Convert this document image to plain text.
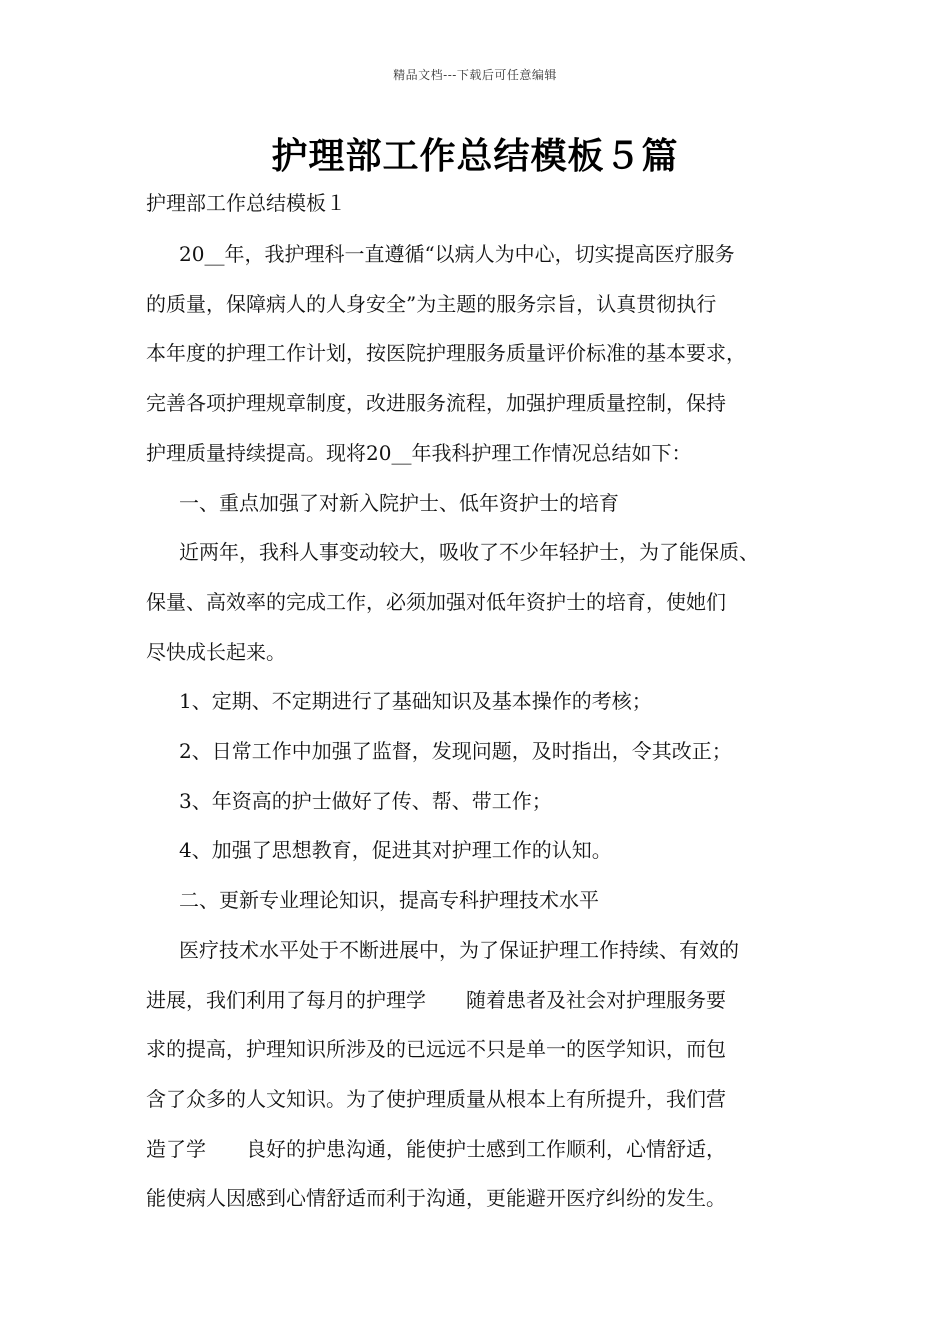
精品文档---下载后可任意编辑
护理部工作总结模板５篇
护理部工作总结模板１

20__年，我护理科一直遵循“以病人为中心，切实提高医疗服务

的质量，保障病人的人身安全”为主题的服务宗旨，认真贯彻执行

本年度的护理工作计划，按医院护理服务质量评价标准的基本要求，

完善各项护理规章制度，改进服务流程，加强护理质量控制，保持

护理质量持续提高。现将20__年我科护理工作情况总结如下：

一、重点加强了对新入院护士、低年资护士的培育

近两年，我科人事变动较大，吸收了不少年轻护士，为了能保质、

保量、高效率的完成工作，必须加强对低年资护士的培育，使她们

尽快成长起来。

1、定期、不定期进行了基础知识及基本操作的考核；

2、日常工作中加强了监督，发现问题，及时指出，令其改正；

3、年资高的护士做好了传、帮、带工作；

4、加强了思想教育，促进其对护理工作的认知。

二、更新专业理论知识，提高专科护理技术水平

医疗技术水平处于不断进展中，为了保证护理工作持续、有效的

进展，我们利用了每月的护理学　　随着患者及社会对护理服务要

求的提高，护理知识所涉及的已远远不只是单一的医学知识，而包

含了众多的人文知识。为了使护理质量从根本上有所提升，我们营

造了学　　良好的护患沟通，能使护士感到工作顺利，心情舒适，

能使病人因感到心情舒适而利于沟通，更能避开医疗纠纷的发生。
